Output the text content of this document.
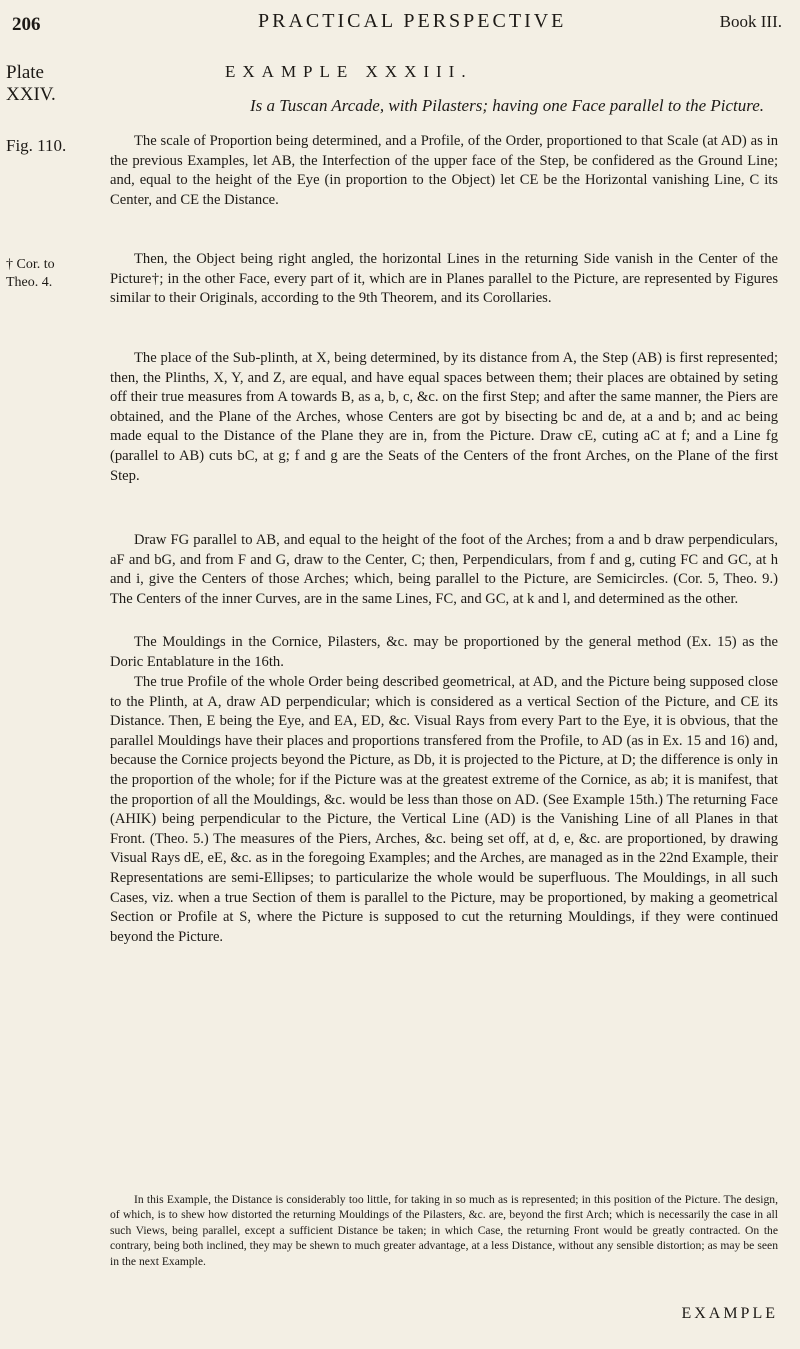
206	PRACTICAL PERSPECTIVE	Book III.
Plate
XXIV.
Fig. 110.
† Cor. to
Theo. 4.
EXAMPLE XXXIII.
Is a Tuscan Arcade, with Pilasters; having one Face parallel to the Picture.

The scale of Proportion being determined, and a Profile, of the Order, proportioned to that Scale (at AD) as in the previous Examples, let AB, the Interfection of the upper face of the Step, be confidered as the Ground Line; and, equal to the height of the Eye (in proportion to the Object) let CE be the Horizontal vanishing Line, C its Center, and CE the Distance.

Then, the Object being right angled, the horizontal Lines in the returning Side vanish in the Center of the Picture†; in the other Face, every part of it, which are in Planes parallel to the Picture, are represented by Figures similar to their Originals, according to the 9th Theorem, and its Corollaries.

The place of the Sub-plinth, at X, being determined, by its distance from A, the Step (AB) is first represented; then, the Plinths, X, Y, and Z, are equal, and have equal spaces between them; their places are obtained by seting off their true measures from A towards B, as a, b, c, &c. on the first Step; and after the same manner, the Piers are obtained, and the Plane of the Arches, whose Centers are got by bisecting bc and de, at a and b; and ac being made equal to the Distance of the Plane they are in, from the Picture. Draw cE, cuting aC at f; and a Line fg (parallel to AB) cuts bC, at g; f and g are the Seats of the Centers of the front Arches, on the Plane of the first Step.

Draw FG parallel to AB, and equal to the height of the foot of the Arches; from a and b draw perpendiculars, aF and bG, and from F and G, draw to the Center, C; then, Perpendiculars, from f and g, cuting FC and GC, at h and i, give the Centers of those Arches; which, being parallel to the Picture, are Semicircles. (Cor. 5, Theo. 9.) The Centers of the inner Curves, are in the same Lines, FC, and GC, at k and l, and determined as the other.

The Mouldings in the Cornice, Pilasters, &c. may be proportioned by the general method (Ex. 15) as the Doric Entablature in the 16th.

The true Profile of the whole Order being described geometrical, at AD, and the Picture being supposed close to the Plinth, at A, draw AD perpendicular; which is considered as a vertical Section of the Picture, and CE its Distance. Then, E being the Eye, and EA, ED, &c. Visual Rays from every Part to the Eye, it is obvious, that the parallel Mouldings have their places and proportions transfered from the Profile, to AD (as in Ex. 15 and 16) and, because the Cornice projects beyond the Picture, as Db, it is projected to the Picture, at D; the difference is only in the proportion of the whole; for if the Picture was at the greatest extreme of the Cornice, as ab; it is manifest, that the proportion of all the Mouldings, &c. would be less than those on AD. (See Example 15th.) The returning Face (AHIK) being perpendicular to the Picture, the Vertical Line (AD) is the Vanishing Line of all Planes in that Front. (Theo. 5.) The measures of the Piers, Arches, &c. being set off, at d, e, &c. are proportioned, by drawing Visual Rays dE, eE, &c. as in the foregoing Examples; and the Arches, are managed as in the 22nd Example, their Representations are semi-Ellipses; to particularize the whole would be superfluous. The Mouldings, in all such Cases, viz. when a true Section of them is parallel to the Picture, may be proportioned, by making a geometrical Section or Profile at S, where the Picture is supposed to cut the returning Mouldings, if they were continued beyond the Picture.

In this Example, the Distance is considerably too little, for taking in so much as is represented; in this position of the Picture. The design, of which, is to shew how distorted the returning Mouldings of the Pilasters, &c. are, beyond the first Arch; which is necessarily the case in all such Views, being parallel, except a sufficient Distance be taken; in which Case, the returning Front would be greatly contracted. On the contrary, being both inclined, they may be shewn to much greater advantage, at a less Distance, without any sensible distortion; as may be seen in the next Example.

EXAMPLE
